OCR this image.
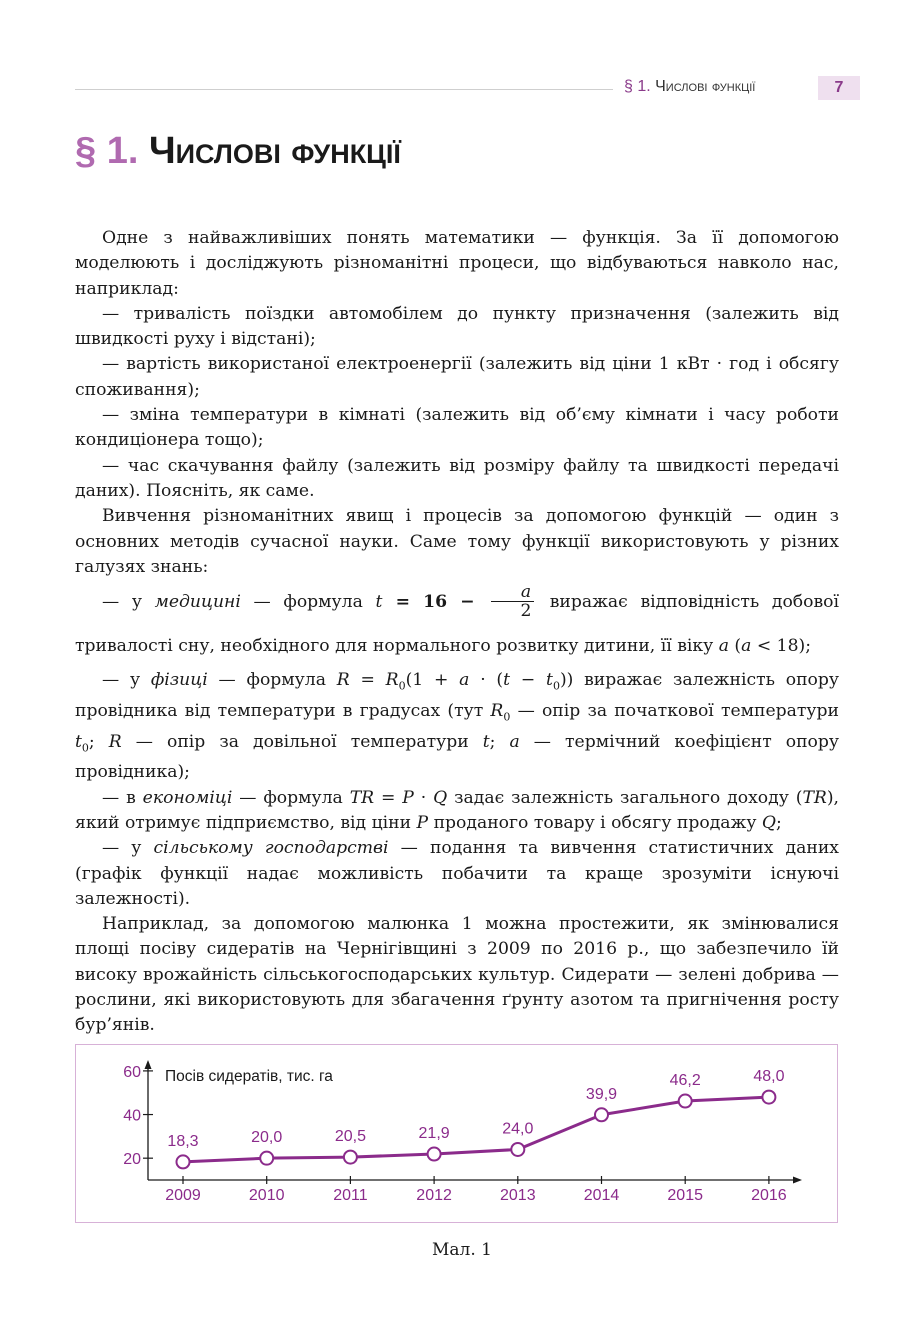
§ 1. Числові функції	7
§ 1. Числові функції

Одне з найважливіших понять математики — функція. За її допомогою моделюють і досліджують різноманітні процеси, що відбуваються навколо нас, наприклад:

— тривалість поїздки автомобілем до пункту призначення (залежить від швидкості руху і відстані);

— вартість використаної електроенергії (залежить від ціни 1 кВт · год і обсягу споживання);

— зміна температури в кімнаті (залежить від об’єму кімнати і часу роботи кондиціонера тощо);

— час скачування файлу (залежить від розміру файлу та швидкості передачі даних). Поясніть, як саме.

Вивчення різноманітних явищ і процесів за допомогою функцій — один з основних методів сучасної науки. Саме тому функції використовують у різних галузях знань:

— у медицині — формула $t = 16 - \frac{a}{2}$ виражає відповідність добової тривалості сну, необхідного для нормального розвитку дитини, її віку a (a < 18);

— у фізиці — формула $R = R_0(1 + a \cdot (t - t_0))$ виражає залежність опору провідника від температури в градусах (тут $R_0$ — опір за початкової температури $t_0$; R — опір за довільної температури t; a — термічний коефіцієнт опору провідника);

— в економіці — формула TR = P · Q задає залежність загального доходу (TR), який отримує підприємство, від ціни P проданого товару і обсягу продажу Q;

— у сільському господарстві — подання та вивчення статистичних даних (графік функції надає можливість побачити та краще зрозуміти існуючі залежності).

Наприклад, за допомогою малюнка 1 можна простежити, як змінювалися площі посіву сидератів на Чернігівщині з 2009 по 2016 р., що забезпечило їй високу врожайність сільськогосподарських культур. Сидерати — зелені добрива — рослини, які використовують для збагачення ґрунту азотом та пригнічення росту бур’янів.

Посів сидератів, тис. га
20
40
60
2009	2010	2011	2012	2013	2014	2015	2016
18,3	20,0	20,5	21,9	24,0
39,9
46,2	48,0
Мал. 1
